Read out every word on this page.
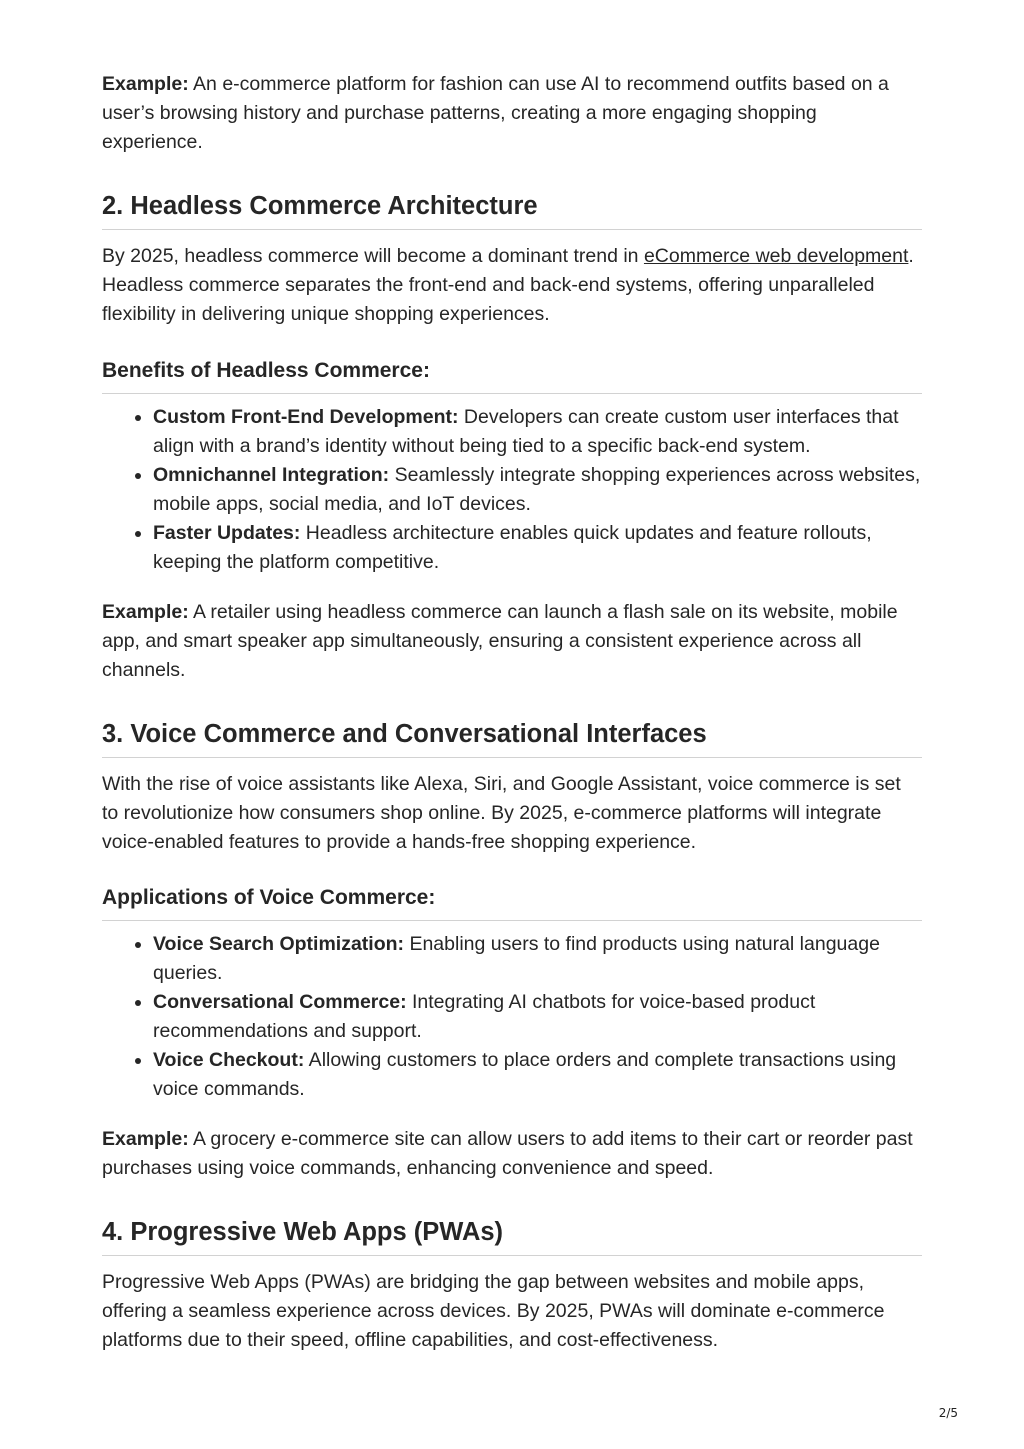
Example: An e-commerce platform for fashion can use AI to recommend outfits based on a user’s browsing history and purchase patterns, creating a more engaging shopping experience.

2. Headless Commerce Architecture

By 2025, headless commerce will become a dominant trend in eCommerce web development. Headless commerce separates the front-end and back-end systems, offering unparalleled flexibility in delivering unique shopping experiences.

Benefits of Headless Commerce:
• Custom Front-End Development: Developers can create custom user interfaces that align with a brand’s identity without being tied to a specific back-end system.
• Omnichannel Integration: Seamlessly integrate shopping experiences across websites, mobile apps, social media, and IoT devices.
• Faster Updates: Headless architecture enables quick updates and feature rollouts, keeping the platform competitive.

Example: A retailer using headless commerce can launch a flash sale on its website, mobile app, and smart speaker app simultaneously, ensuring a consistent experience across all channels.

3. Voice Commerce and Conversational Interfaces

With the rise of voice assistants like Alexa, Siri, and Google Assistant, voice commerce is set to revolutionize how consumers shop online. By 2025, e-commerce platforms will integrate voice-enabled features to provide a hands-free shopping experience.

Applications of Voice Commerce:
• Voice Search Optimization: Enabling users to find products using natural language queries.
• Conversational Commerce: Integrating AI chatbots for voice-based product recommendations and support.
• Voice Checkout: Allowing customers to place orders and complete transactions using voice commands.

Example: A grocery e-commerce site can allow users to add items to their cart or reorder past purchases using voice commands, enhancing convenience and speed.

4. Progressive Web Apps (PWAs)

Progressive Web Apps (PWAs) are bridging the gap between websites and mobile apps, offering a seamless experience across devices. By 2025, PWAs will dominate e-commerce platforms due to their speed, offline capabilities, and cost-effectiveness.

2/5
